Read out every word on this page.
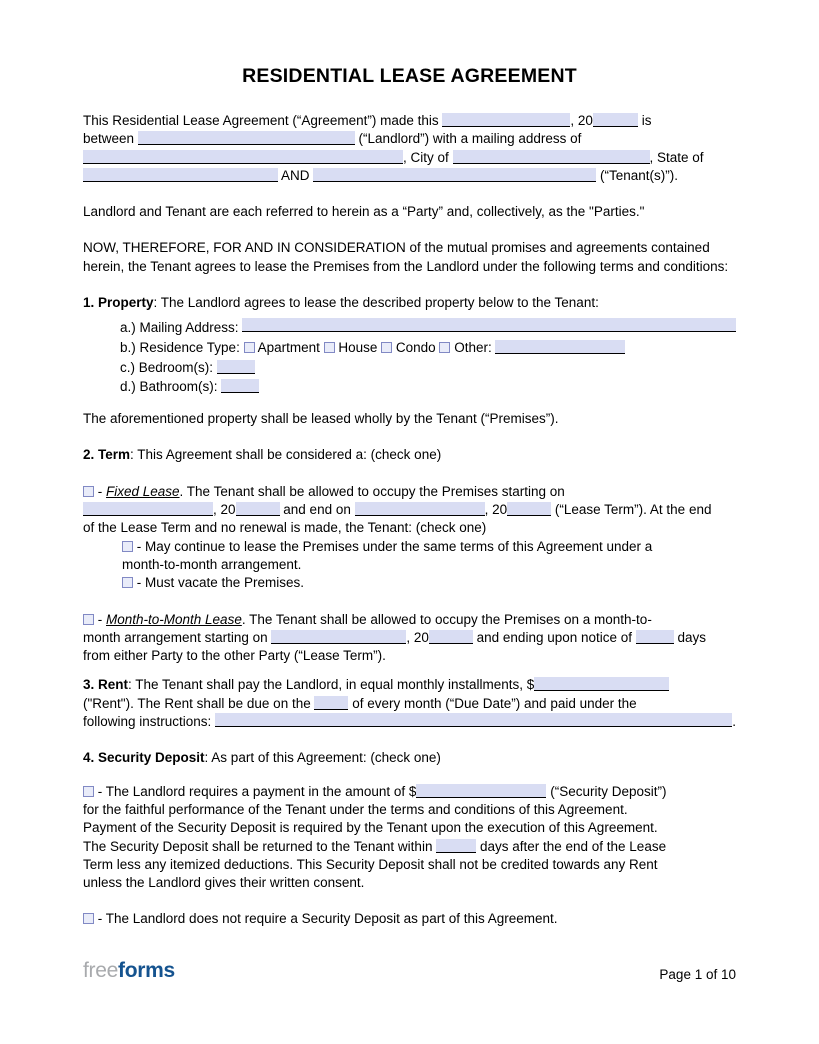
RESIDENTIAL LEASE AGREEMENT
This Residential Lease Agreement (“Agreement”) made this	, 20	is
between	(“Landlord”) with a mailing address of
, City of	, State of
AND	(“Tenant(s)”).
Landlord and Tenant are each referred to herein as a “Party” and, collectively, as the "Parties."
NOW, THEREFORE, FOR AND IN CONSIDERATION of the mutual promises and agreements contained herein, the Tenant agrees to lease the Premises from the Landlord under the following terms and conditions:
1. Property: The Landlord agrees to lease the described property below to the Tenant:
a.) Mailing Address:
b.) Residence Type:  Apartment  House  Condo  Other:
c.) Bedroom(s):
d.) Bathroom(s):
The aforementioned property shall be leased wholly by the Tenant (“Premises”).
2. Term: This Agreement shall be considered a: (check one)
- Fixed Lease. The Tenant shall be allowed to occupy the Premises starting on
, 20	and end on	, 20	(“Lease Term”). At the end
of the Lease Term and no renewal is made, the Tenant: (check one)
- May continue to lease the Premises under the same terms of this Agreement under a
month-to-month arrangement.
- Must vacate the Premises.
- Month-to-Month Lease. The Tenant shall be allowed to occupy the Premises on a month-to-
month arrangement starting on	, 20	and ending upon notice of	days
from either Party to the other Party (“Lease Term”).
3. Rent: The Tenant shall pay the Landlord, in equal monthly installments, $
("Rent"). The Rent shall be due on the	of every month (“Due Date”) and paid under the
following instructions:	.
4. Security Deposit: As part of this Agreement: (check one)
- The Landlord requires a payment in the amount of $	(“Security Deposit”)
for the faithful performance of the Tenant under the terms and conditions of this Agreement.
Payment of the Security Deposit is required by the Tenant upon the execution of this Agreement.
The Security Deposit shall be returned to the Tenant within	days after the end of the Lease
Term less any itemized deductions. This Security Deposit shall not be credited towards any Rent
unless the Landlord gives their written consent.
- The Landlord does not require a Security Deposit as part of this Agreement.
freeforms	Page 1 of 10
